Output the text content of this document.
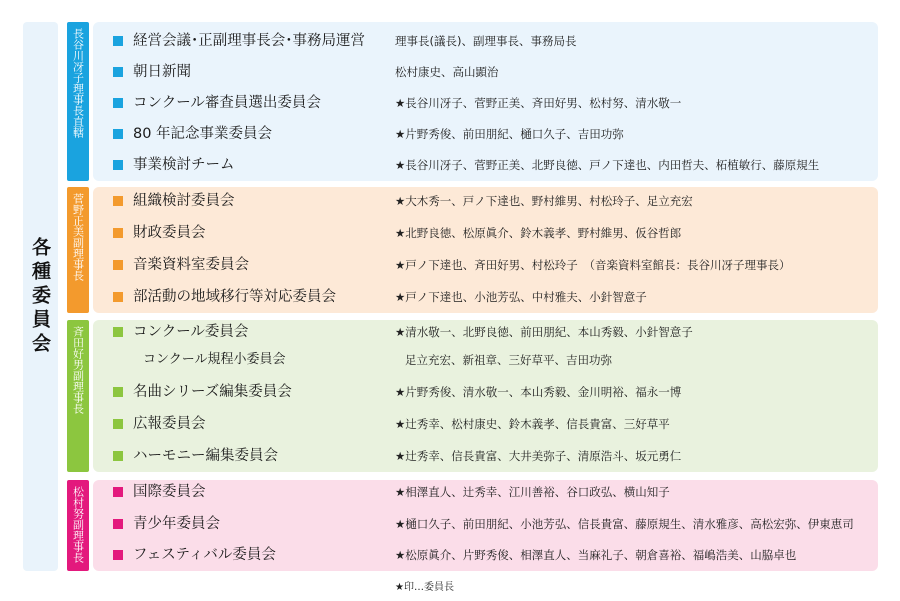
各種委員会
★印…委員長
長谷川冴子理事長直轄	経営会議･正副理事長会･事務局運営	理事長(議長)、副理事長、事務局長
朝日新聞	松村康史、高山顕治
コンクール審査員選出委員会	★長谷川冴子、菅野正美、斉田好男、松村努、清水敬一
80 年記念事業委員会	★片野秀俊、前田朋紀、樋口久子、吉田功弥
事業検討チーム	★長谷川冴子、菅野正美、北野良徳、戸ノ下達也、内田哲夫、柘植敏行、藤原規生
菅野正美副理事長	組織検討委員会	★大木秀一、戸ノ下達也、野村維男、村松玲子、足立充宏
財政委員会	★北野良徳、松原眞介、鈴木義孝、野村維男、仮谷哲郎
音楽資料室委員会	★戸ノ下達也、斉田好男、村松玲子　（音楽資料室館長：長谷川冴子理事長）
部活動の地域移行等対応委員会	★戸ノ下達也、小池芳弘、中村雅夫、小針智意子
斉田好男副理事長	コンクール委員会	★清水敬一、北野良徳、前田朋紀、本山秀毅、小針智意子
コンクール規程小委員会	足立充宏、新祖章、三好草平、吉田功弥
名曲シリーズ編集委員会	★片野秀俊、清水敬一、本山秀毅、金川明裕、福永一博
広報委員会	★辻秀幸、松村康史、鈴木義孝、信長貴富、三好草平
ハーモニー編集委員会	★辻秀幸、信長貴富、大井美弥子、清原浩斗、坂元勇仁
松村努副理事長	国際委員会	★相澤直人、辻秀幸、江川善裕、谷口政弘、横山知子
青少年委員会	★樋口久子、前田朋紀、小池芳弘、信長貴富、藤原規生、清水雅彦、高松宏弥、伊東恵司
フェスティバル委員会	★松原眞介、片野秀俊、相澤直人、当麻礼子、朝倉喜裕、福嶋浩美、山脇卓也
